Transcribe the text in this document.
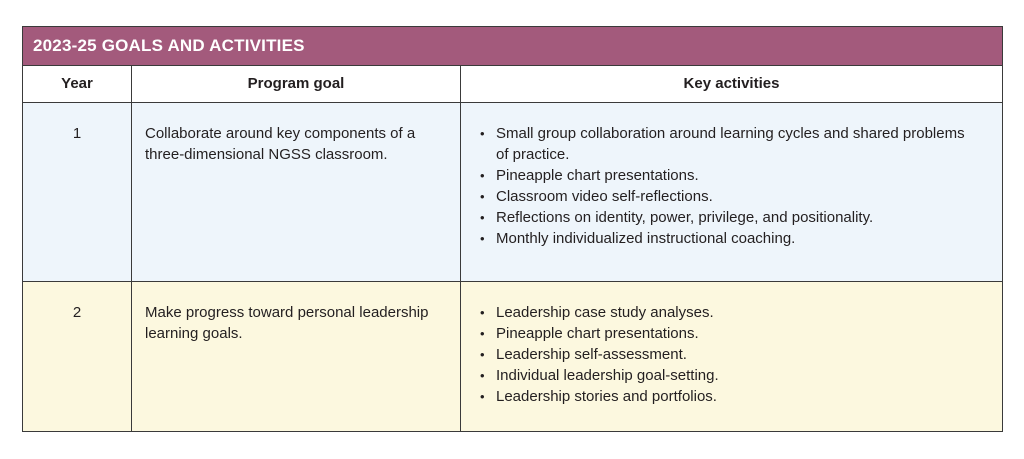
2023-25 GOALS AND ACTIVITIES
Year	Program goal	Key activities
1	Collaborate around key components of a three-dimensional NGSS classroom.
• Small group collaboration around learning cycles and shared problems of practice.
• Pineapple chart presentations.
• Classroom video self-reflections.
• Reflections on identity, power, privilege, and positionality.
• Monthly individualized instructional coaching.
2	Make progress toward personal leadership learning goals.
• Leadership case study analyses.
• Pineapple chart presentations.
• Leadership self-assessment.
• Individual leadership goal-setting.
• Leadership stories and portfolios.
